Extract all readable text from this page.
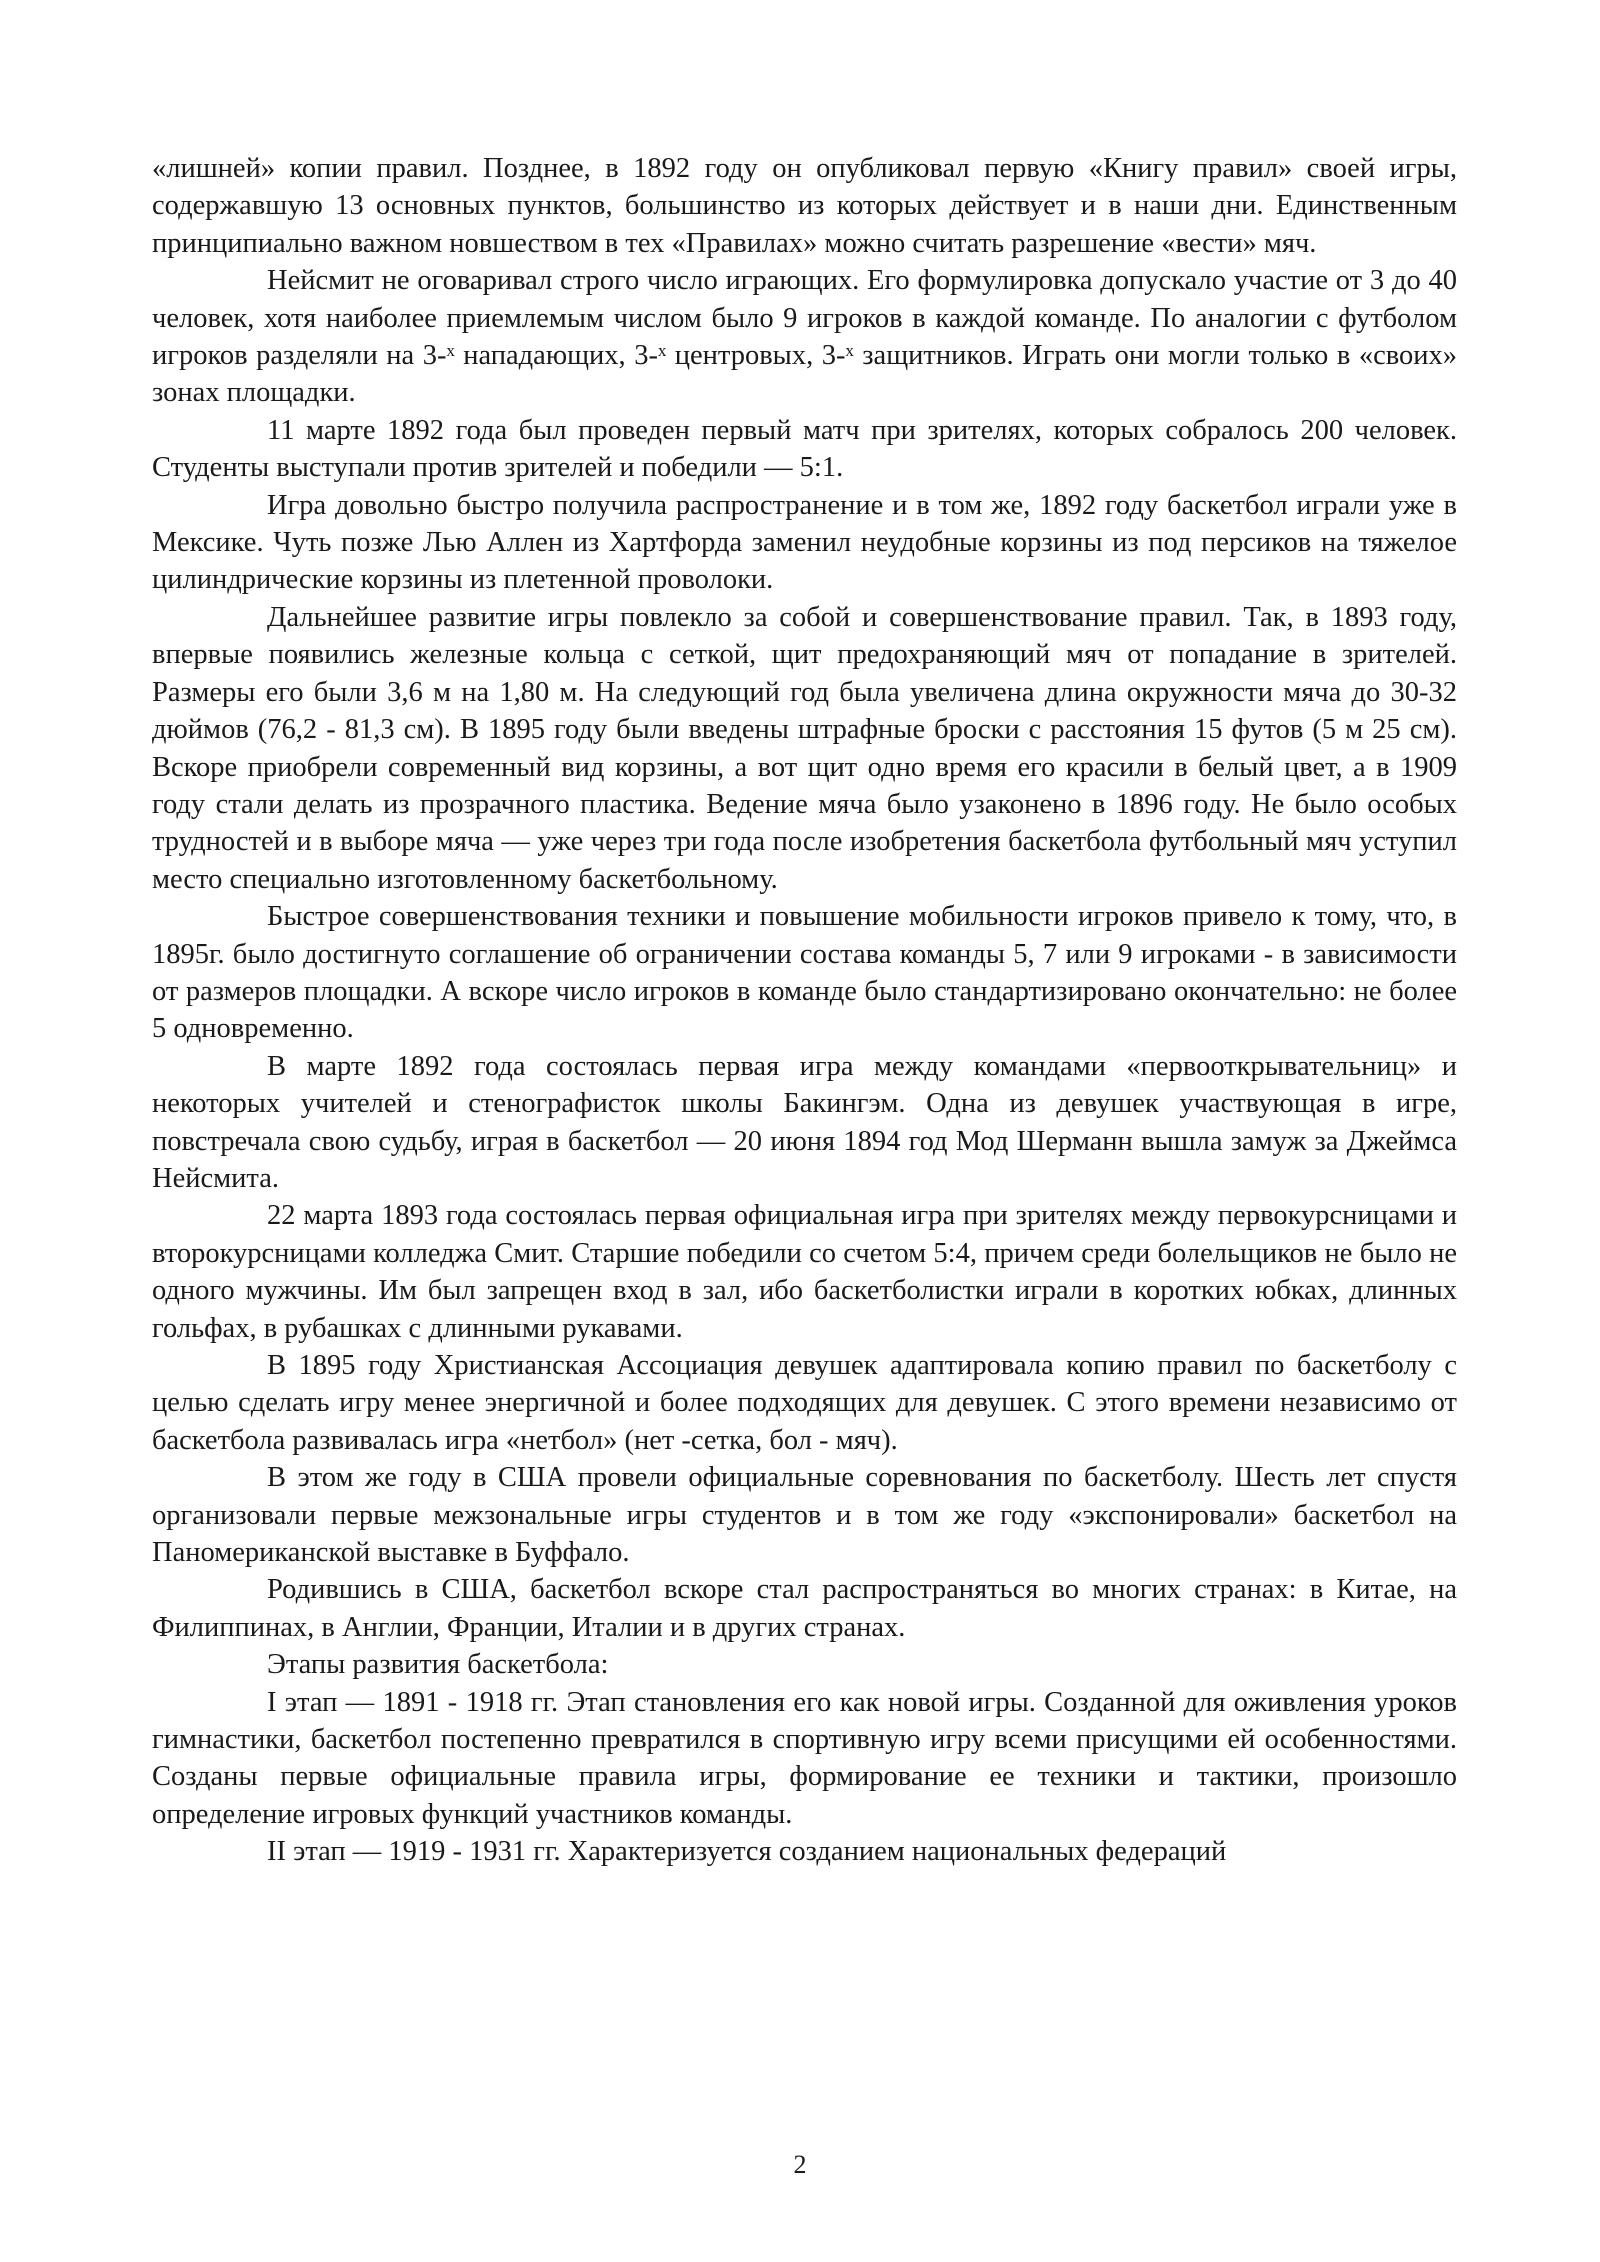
«лишней» копии правил. Позднее, в 1892 году он опубликовал первую «Книгу правил» своей игры, содержавшую 13 основных пунктов, большинство из которых действует и в наши дни. Единственным принципиально важном новшеством в тех «Правилах» можно считать разрешение «вести» мяч.

Нейсмит не оговаривал строго число играющих. Его формулировка допускало участие от 3 до 40 человек, хотя наиболее приемлемым числом было 9 игроков в каждой команде. По аналогии с футболом игроков разделяли на 3-ˣ нападающих, 3-ˣ центровых, 3-ˣ защитников. Играть они могли только в «своих» зонах площадки.

11 марте 1892 года был проведен первый матч при зрителях, которых собралось 200 человек. Студенты выступали против зрителей и победили — 5:1.

Игра довольно быстро получила распространение и в том же, 1892 году баскетбол играли уже в Мексике. Чуть позже Лью Аллен из Хартфорда заменил неудобные корзины из под персиков на тяжелое цилиндрические корзины из плетенной проволоки.

Дальнейшее развитие игры повлекло за собой и совершенствование правил. Так, в 1893 году, впервые появились железные кольца с сеткой, щит предохраняющий мяч от попадание в зрителей. Размеры его были 3,6 м на 1,80 м. На следующий год была увеличена длина окружности мяча до 30-32 дюймов (76,2 - 81,3 см). В 1895 году были введены штрафные броски с расстояния 15 футов (5 м 25 см). Вскоре приобрели современный вид корзины, а вот щит одно время его красили в белый цвет, а в 1909 году стали делать из прозрачного пластика. Ведение мяча было узаконено в 1896 году. Не было особых трудностей и в выборе мяча — уже через три года после изобретения баскетбола футбольный мяч уступил место специально изготовленному баскетбольному.

Быстрое совершенствования техники и повышение мобильности игроков привело к тому, что, в 1895г. было достигнуто соглашение об ограничении состава команды 5, 7 или 9 игроками - в зависимости от размеров площадки. А вскоре число игроков в команде было стандартизировано окончательно: не более 5 одновременно.

В марте 1892 года состоялась первая игра между командами «первооткрывательниц» и некоторых учителей и стенографисток школы Бакингэм. Одна из девушек участвующая в игре, повстречала свою судьбу, играя в баскетбол — 20 июня 1894 год Мод Шерманн вышла замуж за Джеймса Нейсмита.

22 марта 1893 года состоялась первая официальная игра при зрителях между первокурсницами и второкурсницами колледжа Смит. Старшие победили со счетом 5:4, причем среди болельщиков не было не одного мужчины. Им был запрещен вход в зал, ибо баскетболистки играли в коротких юбках, длинных гольфах, в рубашках с длинными рукавами.

В 1895 году Христианская Ассоциация девушек адаптировала копию правил по баскетболу с целью сделать игру менее энергичной и более подходящих для девушек. С этого времени независимо от баскетбола развивалась игра «нетбол» (нет -сетка, бол - мяч).

В этом же году в США провели официальные соревнования по баскетболу. Шесть лет спустя организовали первые межзональные игры студентов и в том же году «экспонировали» баскетбол на Паномериканской выставке в Буффало.

Родившись в США, баскетбол вскоре стал распространяться во многих странах: в Китае, на Филиппинах, в Англии, Франции, Италии и в других странах.

Этапы развития баскетбола:

I этап — 1891 - 1918 гг. Этап становления его как новой игры. Созданной для оживления уроков гимнастики, баскетбол постепенно превратился в спортивную игру всеми присущими ей особенностями. Созданы первые официальные правила игры, формирование ее техники и тактики, произошло определение игровых функций участников команды.

II этап — 1919 - 1931 гг. Характеризуется созданием национальных федераций

2
